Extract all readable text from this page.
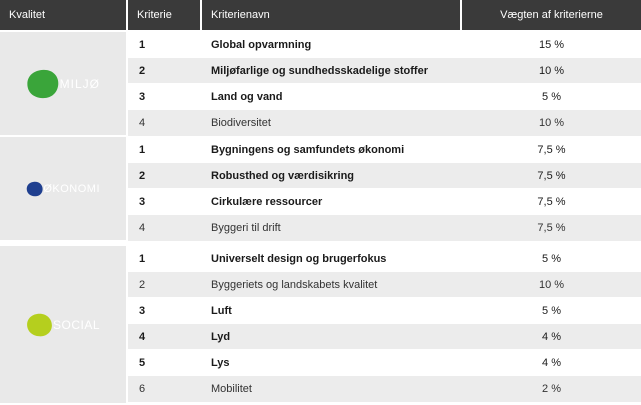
Kvalitet	Kriterie	Kriterienavn	Vægten af kriterierne
MILJØ
1	Global opvarmning	15 %
2	Miljøfarlige og sundhedsskadelige stoffer	10 %
3	Land og vand	5 %
4	Biodiversitet	10 %
ØKONOMI
1	Bygningens og samfundets økonomi	7,5 %
2	Robusthed og værdisikring	7,5 %
3	Cirkulære ressourcer	7,5 %
4	Byggeri til drift	7,5 %
SOCIAL
1	Universelt design og brugerfokus	5 %
2	Byggeriets og landskabets kvalitet	10 %
3	Luft	5 %
4	Lyd	4 %
5	Lys	4 %
6	Mobilitet	2 %
